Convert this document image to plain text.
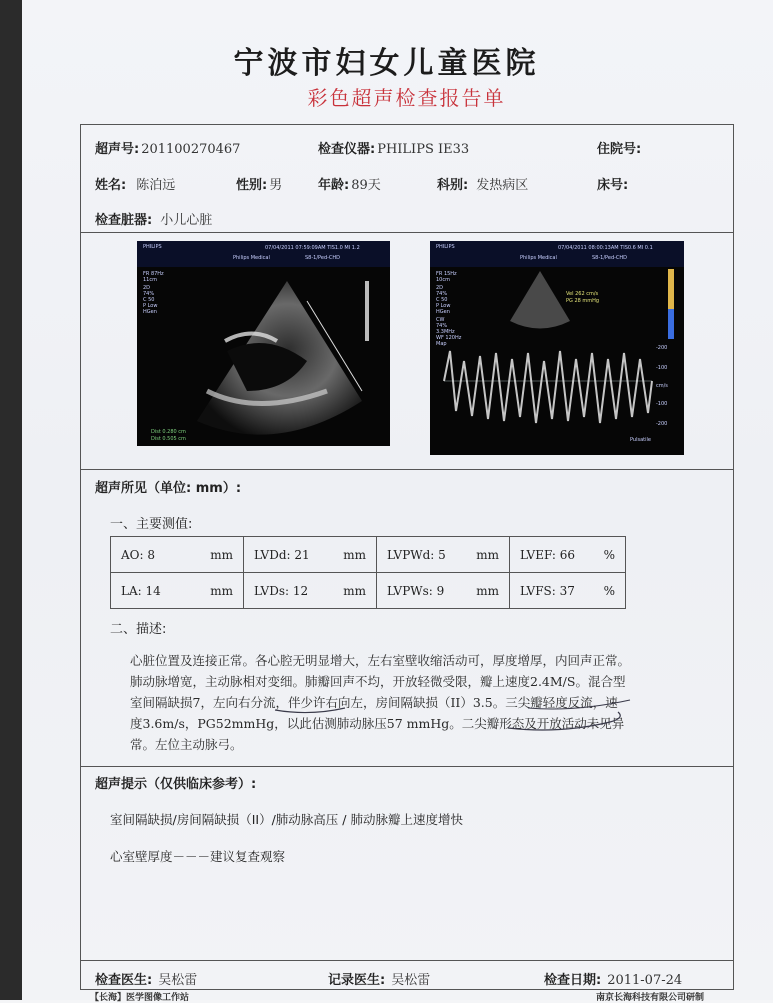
宁波市妇女儿童医院
彩色超声检查报告单
超声号: 201100270467	检查仪器: PHILIPS IE33	住院号:
姓名: 陈泊远	性别: 男	年龄: 89天	科别: 发热病区	床号:
检查脏器: 小儿心脏
PHILIPS	07/04/2011 07:59:09AM TIS1.0 MI 1.2
Philips Medical	S8-1/Ped-CHD
FR 87Hz
11cm
2D
74%
C 50
P Low
HGen
Dist 0.280 cm
Dist 0.505 cm
PHILIPS	07/04/2011 08:00:13AM TIS0.6 MI 0.1
Philips Medical	S8-1/Ped-CHD
FR 15Hz
10cm
2D
74%
C 50
P Low
HGen
CW
74%
3.3MHz
WF 120Hz
Map
Vel 262 cm/s
PG 28 mmHg
-200
-100
cm/s
-100
-200
Pulsatile
超声所见（单位: mm）:
一、主要测值:
AO: 8 mm	LVDd: 21 mm	LVPWd: 5 mm	LVEF: 66 %

LA: 14 mm	LVDs: 12 mm	LVPWs: 9 mm	LVFS: 37 %
二、描述:
心脏位置及连接正常。各心腔无明显增大，左右室壁收缩活动可，厚度增厚，内回声正常。肺动脉增宽，主动脉相对变细。肺瓣回声不均，开放轻微受限，瓣上速度2.4M/S。混合型室间隔缺损7，左向右分流，伴少许右向左，房间隔缺损（II）3.5。三尖瓣轻度反流，速度3.6m/s，PG52mmHg，以此估测肺动脉压57 mmHg。二尖瓣形态及开放活动未见异常。左位主动脉弓。
超声提示（仅供临床参考）:
室间隔缺损/房间隔缺损（II）/肺动脉高压 / 肺动脉瓣上速度增快
心室壁厚度－－－建议复查观察
检查医生: 吴松雷	记录医生: 吴松雷	检查日期: 2011-07-24
【长海】医学图像工作站	南京长海科技有限公司研制
